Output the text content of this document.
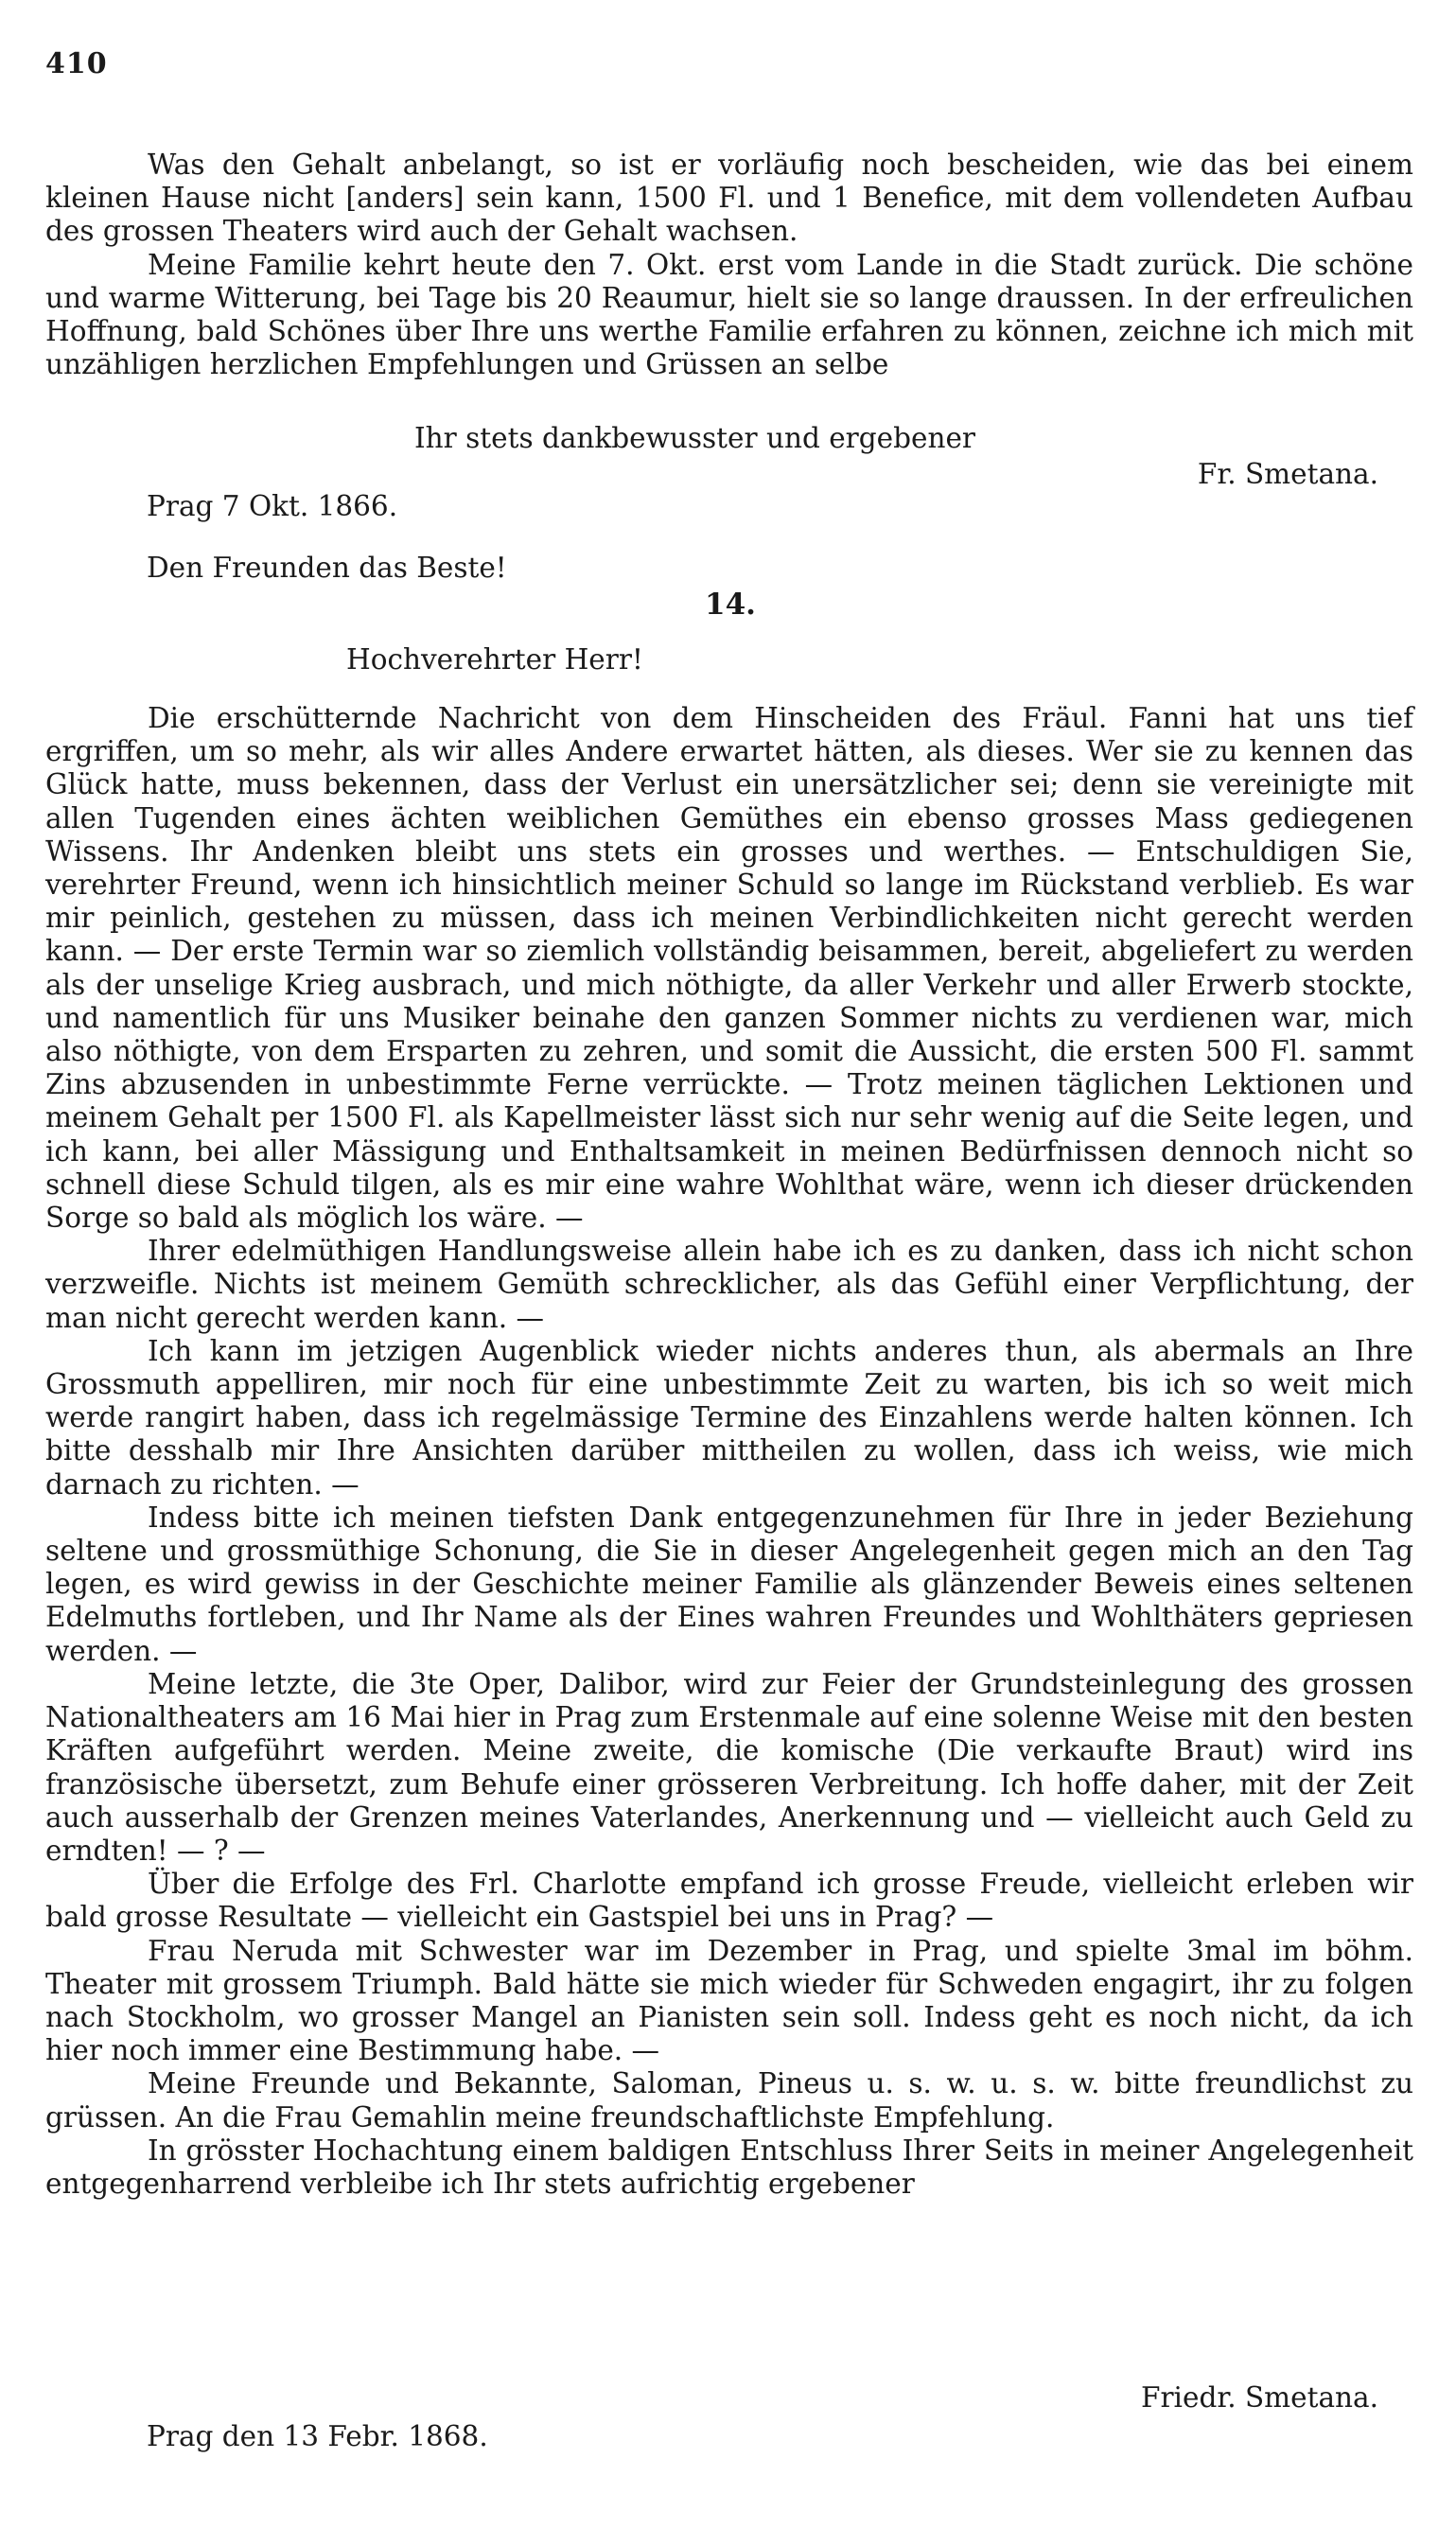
410

Was den Gehalt anbelangt, so ist er vorläufig noch bescheiden, wie das bei einem kleinen Hause nicht [anders] sein kann, 1500 Fl. und 1 Benefice, mit dem vollendeten Aufbau des grossen Theaters wird auch der Gehalt wachsen.

Meine Familie kehrt heute den 7. Okt. erst vom Lande in die Stadt zurück. Die schöne und warme Witterung, bei Tage bis 20 Reaumur, hielt sie so lange draussen. In der erfreulichen Hoffnung, bald Schönes über Ihre uns werthe Familie erfahren zu können, zeichne ich mich mit unzähligen herzlichen Empfehlungen und Grüssen an selbe

Ihr stets dankbewusster und ergebener
Fr. Smetana.
Prag 7 Okt. 1866.
Den Freunden das Beste!
14.
Hochverehrter Herr!

Die erschütternde Nachricht von dem Hinscheiden des Fräul. Fanni hat uns tief ergriffen, um so mehr, als wir alles Andere erwartet hätten, als dieses. Wer sie zu kennen das Glück hatte, muss bekennen, dass der Verlust ein unersätzlicher sei; denn sie vereinigte mit allen Tugenden eines ächten weiblichen Gemüthes ein ebenso grosses Mass gediegenen Wissens. Ihr Andenken bleibt uns stets ein grosses und werthes. — Entschuldigen Sie, verehrter Freund, wenn ich hinsichtlich meiner Schuld so lange im Rückstand verblieb. Es war mir peinlich, gestehen zu müssen, dass ich meinen Verbindlichkeiten nicht gerecht werden kann. — Der erste Termin war so ziemlich vollständig beisammen, bereit, abgeliefert zu werden als der unselige Krieg ausbrach, und mich nöthigte, da aller Verkehr und aller Erwerb stockte, und namentlich für uns Musiker beinahe den ganzen Sommer nichts zu verdienen war, mich also nöthigte, von dem Ersparten zu zehren, und somit die Aussicht, die ersten 500 Fl. sammt Zins abzusenden in unbestimmte Ferne verrückte. — Trotz meinen täglichen Lektionen und meinem Gehalt per 1500 Fl. als Kapellmeister lässt sich nur sehr wenig auf die Seite legen, und ich kann, bei aller Mässigung und Enthaltsamkeit in meinen Bedürfnissen dennoch nicht so schnell diese Schuld tilgen, als es mir eine wahre Wohlthat wäre, wenn ich dieser drückenden Sorge so bald als möglich los wäre. —

Ihrer edelmüthigen Handlungsweise allein habe ich es zu danken, dass ich nicht schon verzweifle. Nichts ist meinem Gemüth schrecklicher, als das Gefühl einer Verpflichtung, der man nicht gerecht werden kann. —

Ich kann im jetzigen Augenblick wieder nichts anderes thun, als abermals an Ihre Grossmuth appelliren, mir noch für eine unbestimmte Zeit zu warten, bis ich so weit mich werde rangirt haben, dass ich regelmässige Termine des Einzahlens werde halten können. Ich bitte desshalb mir Ihre Ansichten darüber mittheilen zu wollen, dass ich weiss, wie mich darnach zu richten. —

Indess bitte ich meinen tiefsten Dank entgegenzunehmen für Ihre in jeder Beziehung seltene und grossmüthige Schonung, die Sie in dieser Angelegenheit gegen mich an den Tag legen, es wird gewiss in der Geschichte meiner Familie als glänzender Beweis eines seltenen Edelmuths fortleben, und Ihr Name als der Eines wahren Freundes und Wohlthäters gepriesen werden. —

Meine letzte, die 3te Oper, Dalibor, wird zur Feier der Grundsteinlegung des grossen Nationaltheaters am 16 Mai hier in Prag zum Erstenmale auf eine solenne Weise mit den besten Kräften aufgeführt werden. Meine zweite, die komische (Die verkaufte Braut) wird ins französische übersetzt, zum Behufe einer grösseren Verbreitung. Ich hoffe daher, mit der Zeit auch ausserhalb der Grenzen meines Vaterlandes, Anerkennung und — vielleicht auch Geld zu erndten! — ? —

Über die Erfolge des Frl. Charlotte empfand ich grosse Freude, vielleicht erleben wir bald grosse Resultate — vielleicht ein Gastspiel bei uns in Prag? —

Frau Neruda mit Schwester war im Dezember in Prag, und spielte 3mal im böhm. Theater mit grossem Triumph. Bald hätte sie mich wieder für Schweden engagirt, ihr zu folgen nach Stockholm, wo grosser Mangel an Pianisten sein soll. Indess geht es noch nicht, da ich hier noch immer eine Bestimmung habe. —

Meine Freunde und Bekannte, Saloman, Pineus u. s. w. u. s. w. bitte freundlichst zu grüssen. An die Frau Gemahlin meine freundschaftlichste Empfehlung.

In grösster Hochachtung einem baldigen Entschluss Ihrer Seits in meiner Angelegenheit entgegenharrend verbleibe ich Ihr stets aufrichtig ergebener

Friedr. Smetana.
Prag den 13 Febr. 1868.
